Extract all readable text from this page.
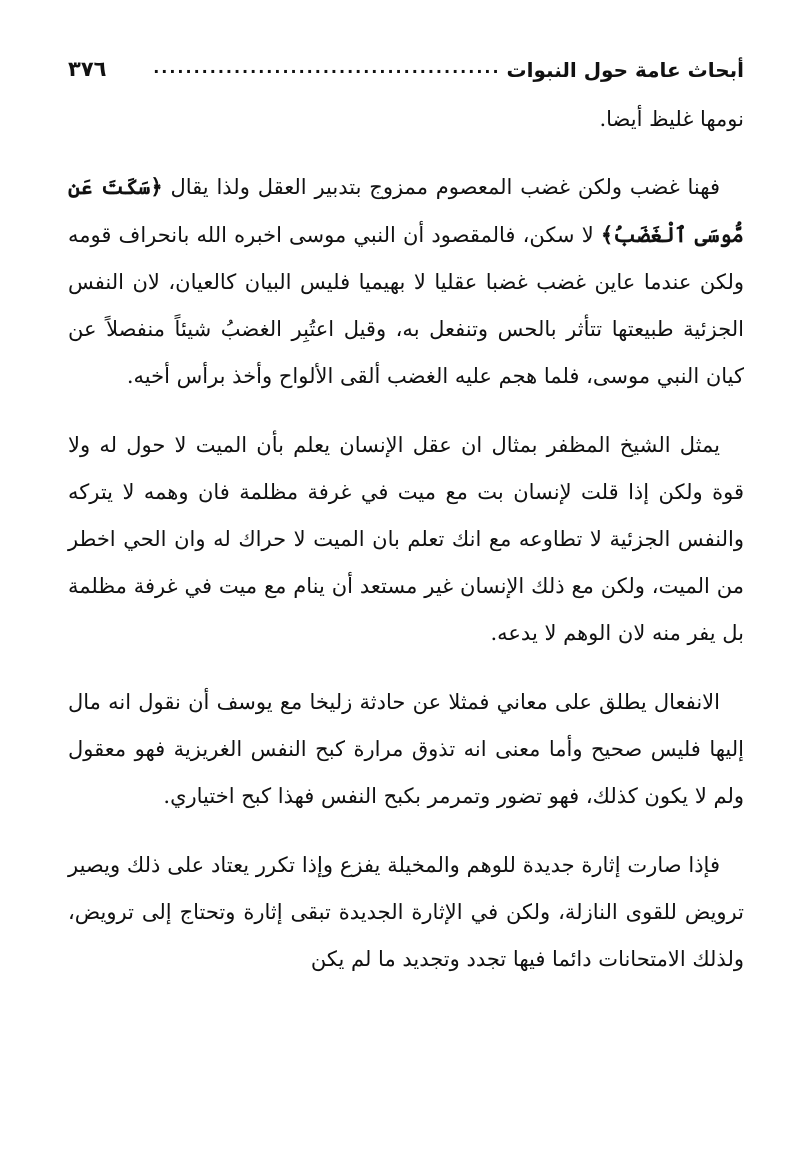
أبحاث عامة حول النبوات
...........................................
٣٧٦

نومها غليظ أيضا.

فهنا غضب ولكن غضب المعصوم ممزوج بتدبير العقل ولذا يقال ﴿سَكَتَ عَن مُّوسَى ٱلْغَضَبُ﴾ لا سكن، فالمقصود أن النبي موسى اخبره الله بانحراف قومه ولكن عندما عاين غضب غضبا عقليا لا بهيميا فليس البيان كالعيان، لان النفس الجزئية طبيعتها تتأثر بالحس وتنفعل به، وقيل اعتُبِر الغضبُ شيئاً منفصلاً عن كيان النبي موسى، فلما هجم عليه الغضب ألقى الألواح وأخذ برأس أخيه.

يمثل الشيخ المظفر بمثال ان عقل الإنسان يعلم بأن الميت لا حول له ولا قوة ولكن إذا قلت لإنسان بت مع ميت في غرفة مظلمة فان وهمه لا يتركه والنفس الجزئية لا تطاوعه مع انك تعلم بان الميت لا حراك له وان الحي اخطر من الميت، ولكن مع ذلك الإنسان غير مستعد أن ينام مع ميت في غرفة مظلمة بل يفر منه لان الوهم لا يدعه.

الانفعال يطلق على معاني فمثلا عن حادثة زليخا مع يوسف أن نقول انه مال إليها فليس صحيح وأما معنى انه تذوق مرارة كبح النفس الغريزية فهو معقول ولم لا يكون كذلك، فهو تضور وتمرمر بكبح النفس فهذا كبح اختياري.

فإذا صارت إثارة جديدة للوهم والمخيلة يفزع وإذا تكرر يعتاد على ذلك ويصير ترويض للقوى النازلة، ولكن في الإثارة الجديدة تبقى إثارة وتحتاج إلى ترويض، ولذلك الامتحانات دائما فيها تجدد وتجديد ما لم يكن
